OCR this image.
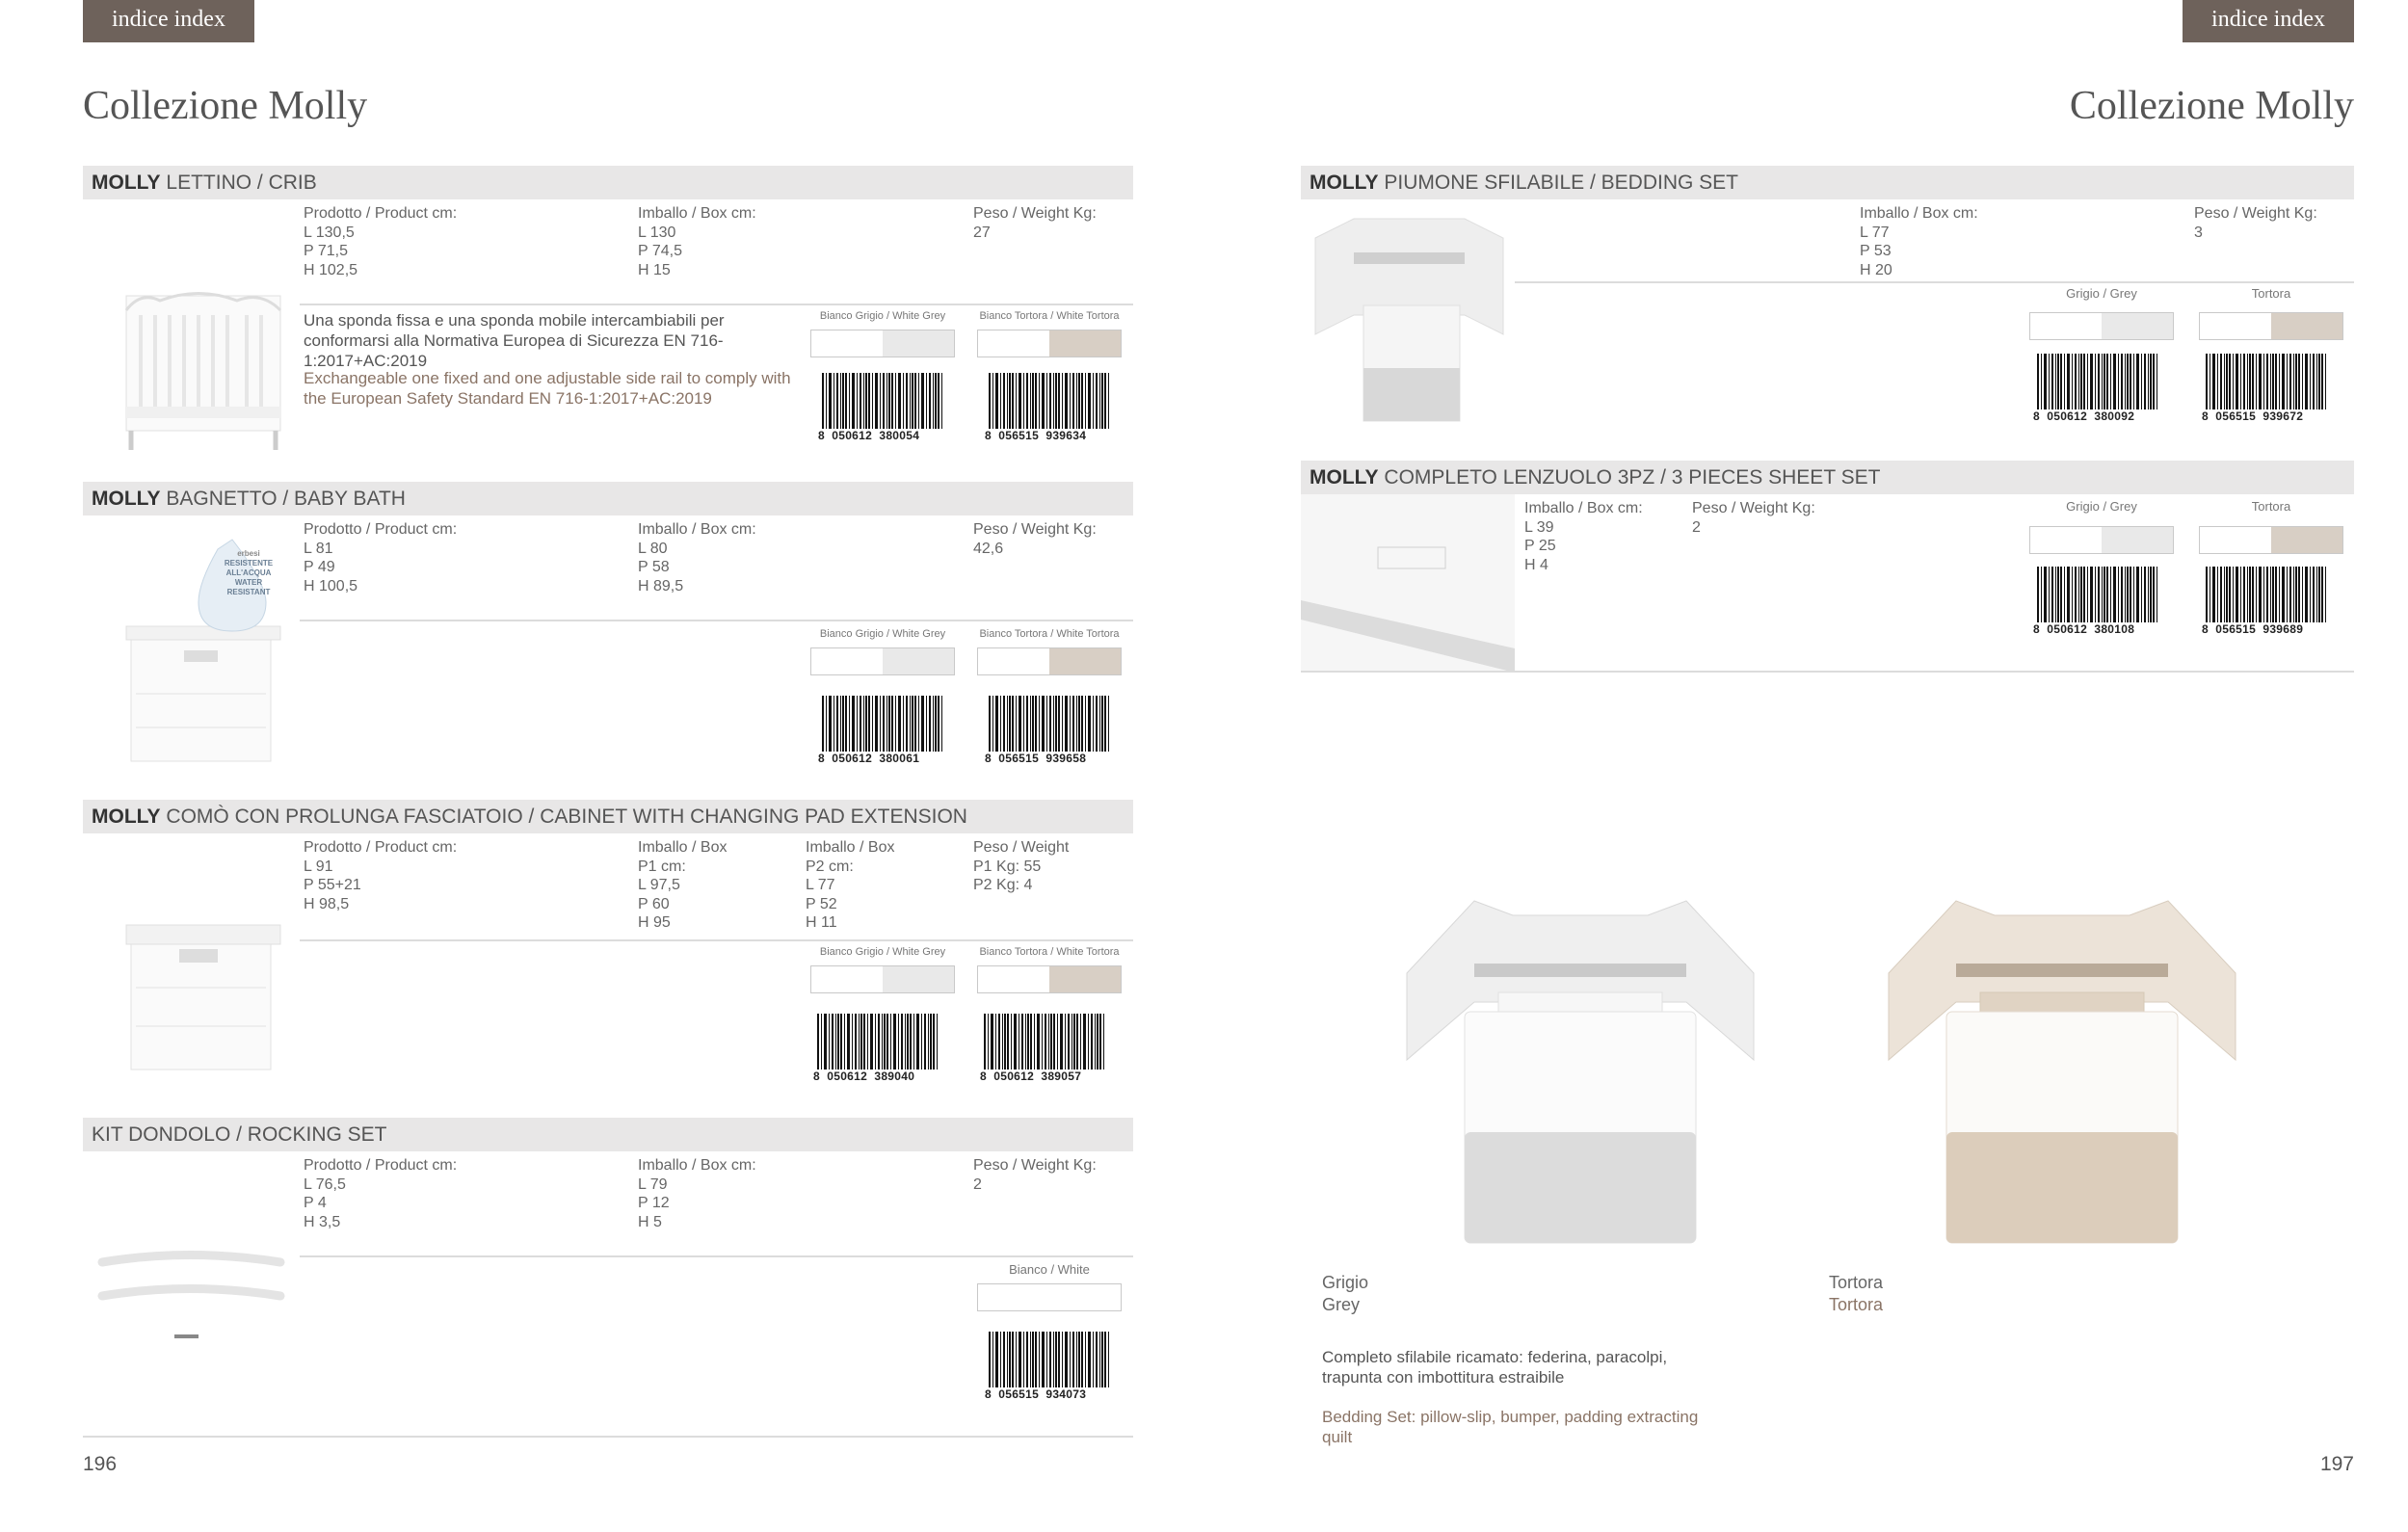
indice index
Collezione Molly
MOLLY LETTINO / CRIB
Prodotto / Product cm:
L 130,5
P 71,5
H 102,5
Imballo / Box cm:
L 130
P 74,5
H 15
Peso / Weight Kg:
27
Una sponda fissa e una sponda mobile intercambiabili per conformarsi alla Normativa Europea di Sicurezza EN 716-1:2017+AC:2019
Exchangeable one fixed and one adjustable side rail to comply with the European Safety Standard EN 716-1:2017+AC:2019
Bianco Grigio / White Grey
8  050612  380054
Bianco Tortora / White Tortora
8  056515  939634
MOLLY BAGNETTO / BABY BATH
erbesi
RESISTENTE
ALL'ACQUA
WATER
RESISTANT
Prodotto / Product cm:
L 81
P 49
H 100,5
Imballo / Box cm:
L 80
P 58
H 89,5
Peso / Weight Kg:
42,6
Bianco Grigio / White Grey
8  050612  380061
Bianco Tortora / White Tortora
8  056515  939658
MOLLY COMÒ CON PROLUNGA FASCIATOIO / CABINET WITH CHANGING PAD EXTENSION
Prodotto / Product cm:
L 91
P 55+21
H 98,5
Imballo / Box
P1 cm:
L 97,5
P 60
H 95
Imballo / Box
P2 cm:
L 77
P 52
H 11
Peso / Weight
P1 Kg: 55
P2 Kg: 4
Bianco Grigio / White Grey
8  050612  389040
Bianco Tortora / White Tortora
8  050612  389057
KIT DONDOLO / ROCKING SET
Prodotto / Product cm:
L 76,5
P 4
H 3,5
Imballo / Box cm:
L 79
P 12
H 5
Peso / Weight Kg:
2
Bianco / White
8  056515  934073
196
indice index
Collezione Molly
MOLLY PIUMONE SFILABILE / BEDDING SET
Imballo / Box cm:
L 77
P 53
H 20
Peso / Weight Kg:
3
Grigio / Grey
8  050612  380092
Tortora
8  056515  939672
MOLLY COMPLETO LENZUOLO 3PZ / 3 PIECES SHEET SET
Imballo / Box cm:
L 39
P 25
H 4
Peso / Weight Kg:
2
Grigio / Grey
8  050612  380108
Tortora
8  056515  939689
Grigio
Grey
Tortora
Tortora
Completo sfilabile ricamato: federina, paracolpi, trapunta con imbottitura estraibile
Bedding Set: pillow-slip, bumper, padding extracting quilt
197
